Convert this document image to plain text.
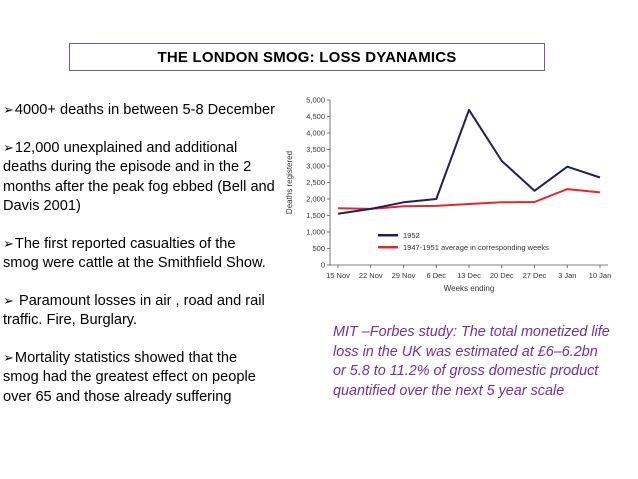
THE LONDON SMOG: LOSS DYANAMICS
➢4000+ deaths in between 5-8 December
➢12,000 unexplained and additional deaths during the episode and in the 2 months after the peak fog ebbed (Bell and Davis 2001)
➢The first reported casualties of the smog were cattle at the Smithfield Show.
➢ Paramount losses in air , road and rail traffic. Fire, Burglary.
➢Mortality statistics showed that the smog had the greatest effect on people over 65 and those already suffering
0
500
1,000
1,500
2,000
2,500
3,000
3,500
4,000
4,500
5,000
15 Nov 22 Nov 29 Nov 6 Dec 13 Dec 20 Dec 27 Dec 3 Jan 10 Jan
Weeks ending
Deaths registered
1952
1947-1951 average in corresponding weeks
MIT –Forbes study: The total monetized life loss in the UK was estimated at £6–6.2bn or 5.8 to 11.2% of gross domestic product quantified over the next 5 year scale
